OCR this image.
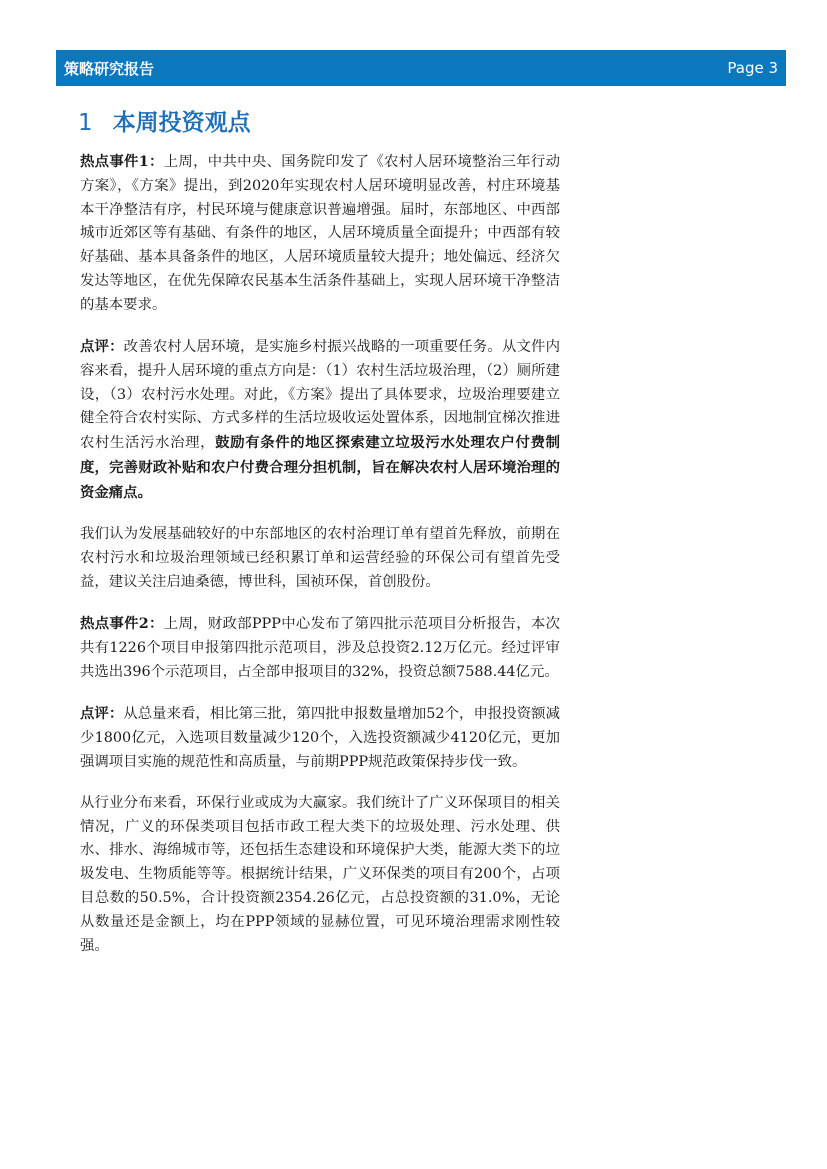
策略研究报告	Page 3
1 本周投资观点

热点事件1：上周，中共中央、国务院印发了《农村人居环境整治三年行动方案》，《方案》提出，到2020年实现农村人居环境明显改善，村庄环境基本干净整洁有序，村民环境与健康意识普遍增强。届时，东部地区、中西部城市近郊区等有基础、有条件的地区，人居环境质量全面提升；中西部有较好基础、基本具备条件的地区，人居环境质量较大提升；地处偏远、经济欠发达等地区，在优先保障农民基本生活条件基础上，实现人居环境干净整洁的基本要求。

点评：改善农村人居环境，是实施乡村振兴战略的一项重要任务。从文件内容来看，提升人居环境的重点方向是：（1）农村生活垃圾治理，（2）厕所建设，（3）农村污水处理。对此，《方案》提出了具体要求，垃圾治理要建立健全符合农村实际、方式多样的生活垃圾收运处置体系，因地制宜梯次推进农村生活污水治理，鼓励有条件的地区探索建立垃圾污水处理农户付费制度，完善财政补贴和农户付费合理分担机制，旨在解决农村人居环境治理的资金痛点。

我们认为发展基础较好的中东部地区的农村治理订单有望首先释放，前期在农村污水和垃圾治理领域已经积累订单和运营经验的环保公司有望首先受益，建议关注启迪桑德，博世科，国祯环保，首创股份。

热点事件2：上周，财政部PPP中心发布了第四批示范项目分析报告，本次共有1226个项目申报第四批示范项目，涉及总投资2.12万亿元。经过评审共选出396个示范项目，占全部申报项目的32%，投资总额7588.44亿元。

点评：从总量来看，相比第三批，第四批申报数量增加52个，申报投资额减少1800亿元，入选项目数量减少120个，入选投资额减少4120亿元，更加强调项目实施的规范性和高质量，与前期PPP规范政策保持步伐一致。

从行业分布来看，环保行业或成为大赢家。我们统计了广义环保项目的相关情况，广义的环保类项目包括市政工程大类下的垃圾处理、污水处理、供水、排水、海绵城市等，还包括生态建设和环境保护大类，能源大类下的垃圾发电、生物质能等等。根据统计结果，广义环保类的项目有200个，占项目总数的50.5%，合计投资额2354.26亿元，占总投资额的31.0%，无论从数量还是金额上，均在PPP领域的显赫位置，可见环境治理需求刚性较强。
